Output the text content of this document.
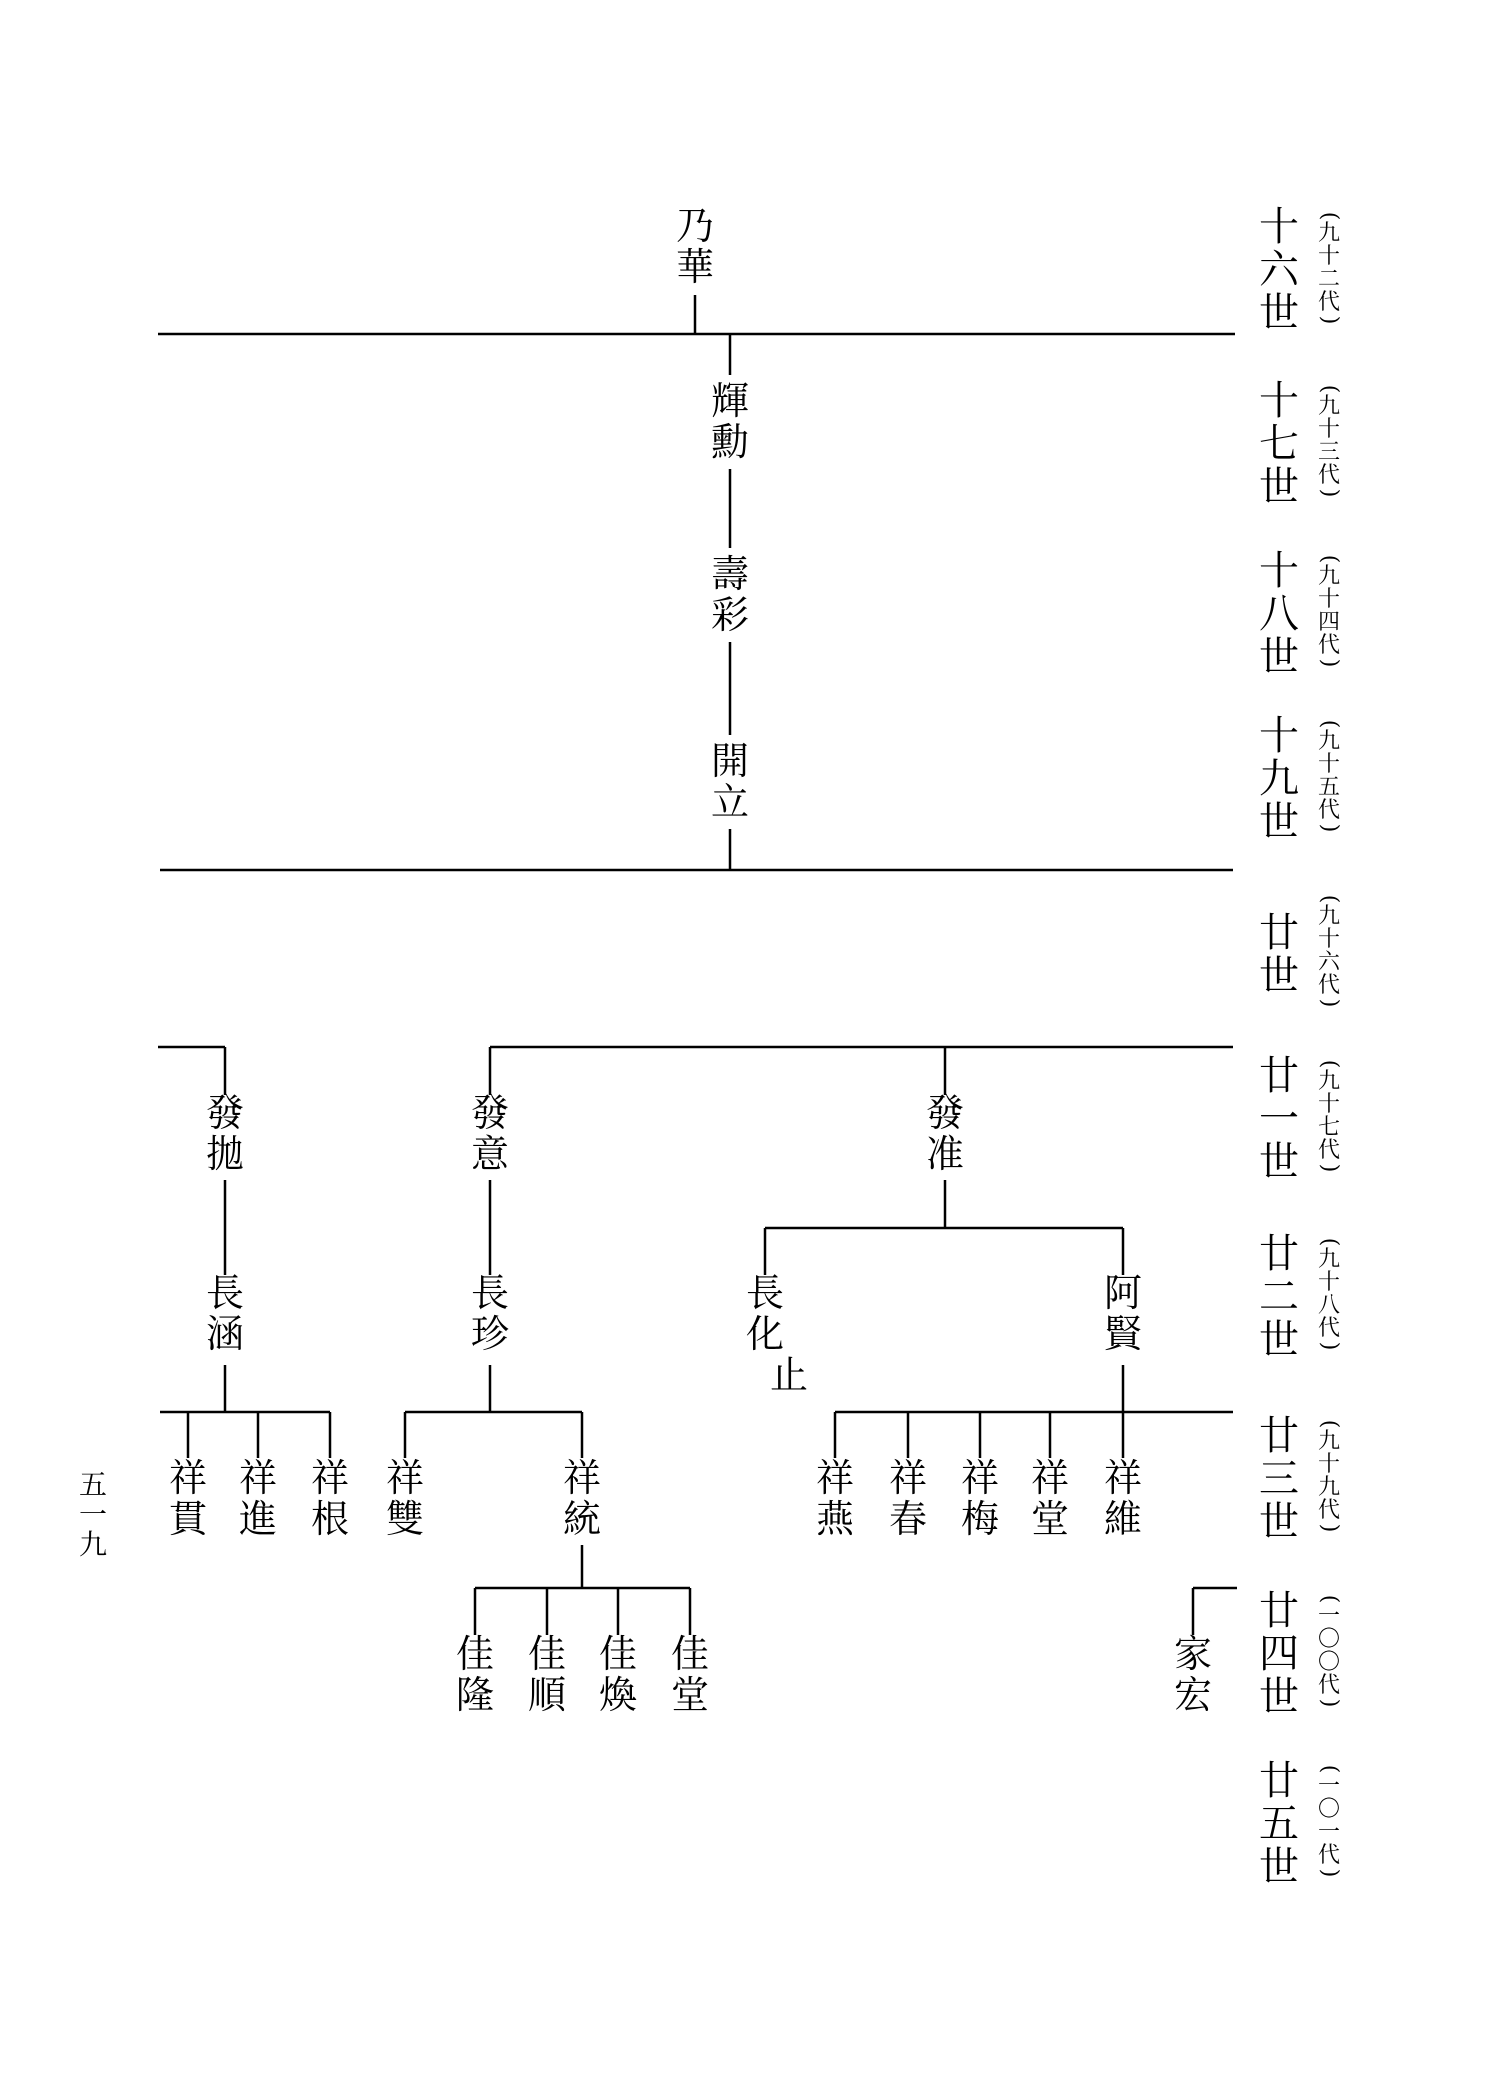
十
六
世
(
九
十
二
代
)
十
七
世
(
九
十
三
代
)
十
八
世
(
九
十
四
代
)
十
九
世
(
九
十
五
代
)
廿
世
(
九
十
六
代
)
廿
一
世
(
九
十
七
代
)
廿
二
世
(
九
十
八
代
)
廿
三
世
(
九
十
九
代
)
廿
四
世
(
一
〇
〇
代
)
廿
五
世
(
一
〇
一
代
)
乃
華
輝
勳
壽
彩
開
立
發
拋
發
意
發
准
長
涵
長
珍
長
化
止
阿
賢
祥
貫
祥
進
祥
根
祥
雙
祥
統
祥
燕
祥
春
祥
梅
祥
堂
祥
維
佳
隆
佳
順
佳
煥
佳
堂
家
宏
五
一
九
